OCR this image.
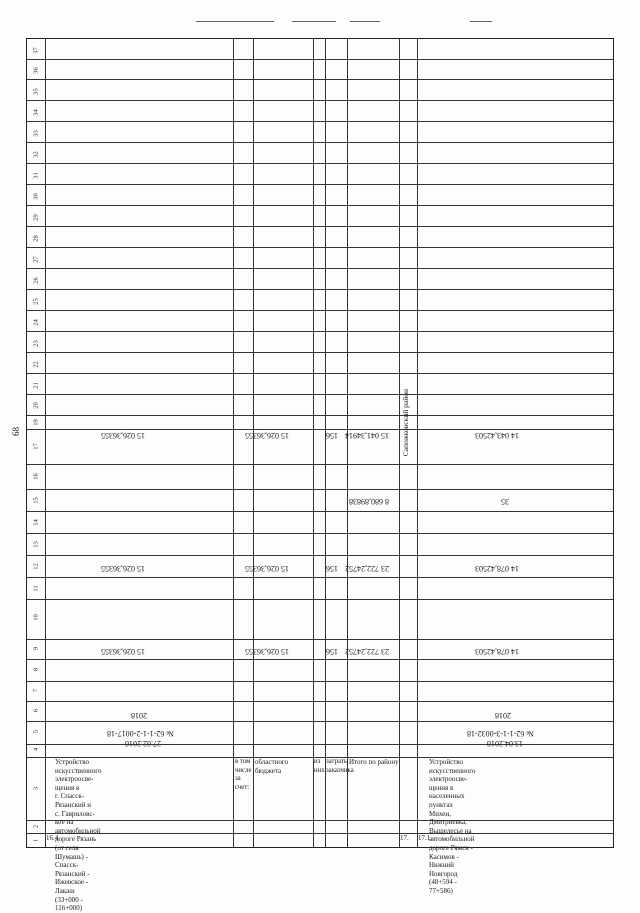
68
37
36
35
34
33
32
31
30
29
28
27
26
25
24
23
22
21
20
19
17
16
15
14
13
12
11
10
9
8
7
6
5
4
3
2
1 16.4.
Устройство
искусственного
электроосве-
щения в
г. Спасск-
Рязанский и
с. Гавриловс-
кое на
автомобильной
дороге Рязань
(от села
Шумашь) -
Спасск-
Рязанский -
Ижевское -
Лакаш
(33+000 -
116+000)
№ 62-1-1-2-0017-18
27.02.2018
2018
15 026,36355
15 026,36355
15 026,36355
в том числе за счет:
областного бюджета
15 026,36355
15 026,36355
15 026,36355
из них:
затраты заказчика
156
156
156
Итого по району
23 722,24752
23 722,24752
8 680,89838
15 041,34914
17.
Сапожковский район
17.1.
Устройство
искусственного
электроосве-
щения в
населенных
пунктах
Михеи,
Дмитриевка,
Вышелесье на
автомобильной
дороге Ряжск -
Касимов -
Нижний
Новгород
(48+594 -
77+586)
№ 62-1-1-3-0032-18
13.04.2018
2018
14 078,42503
14 078,42503
35
14 043,42503
